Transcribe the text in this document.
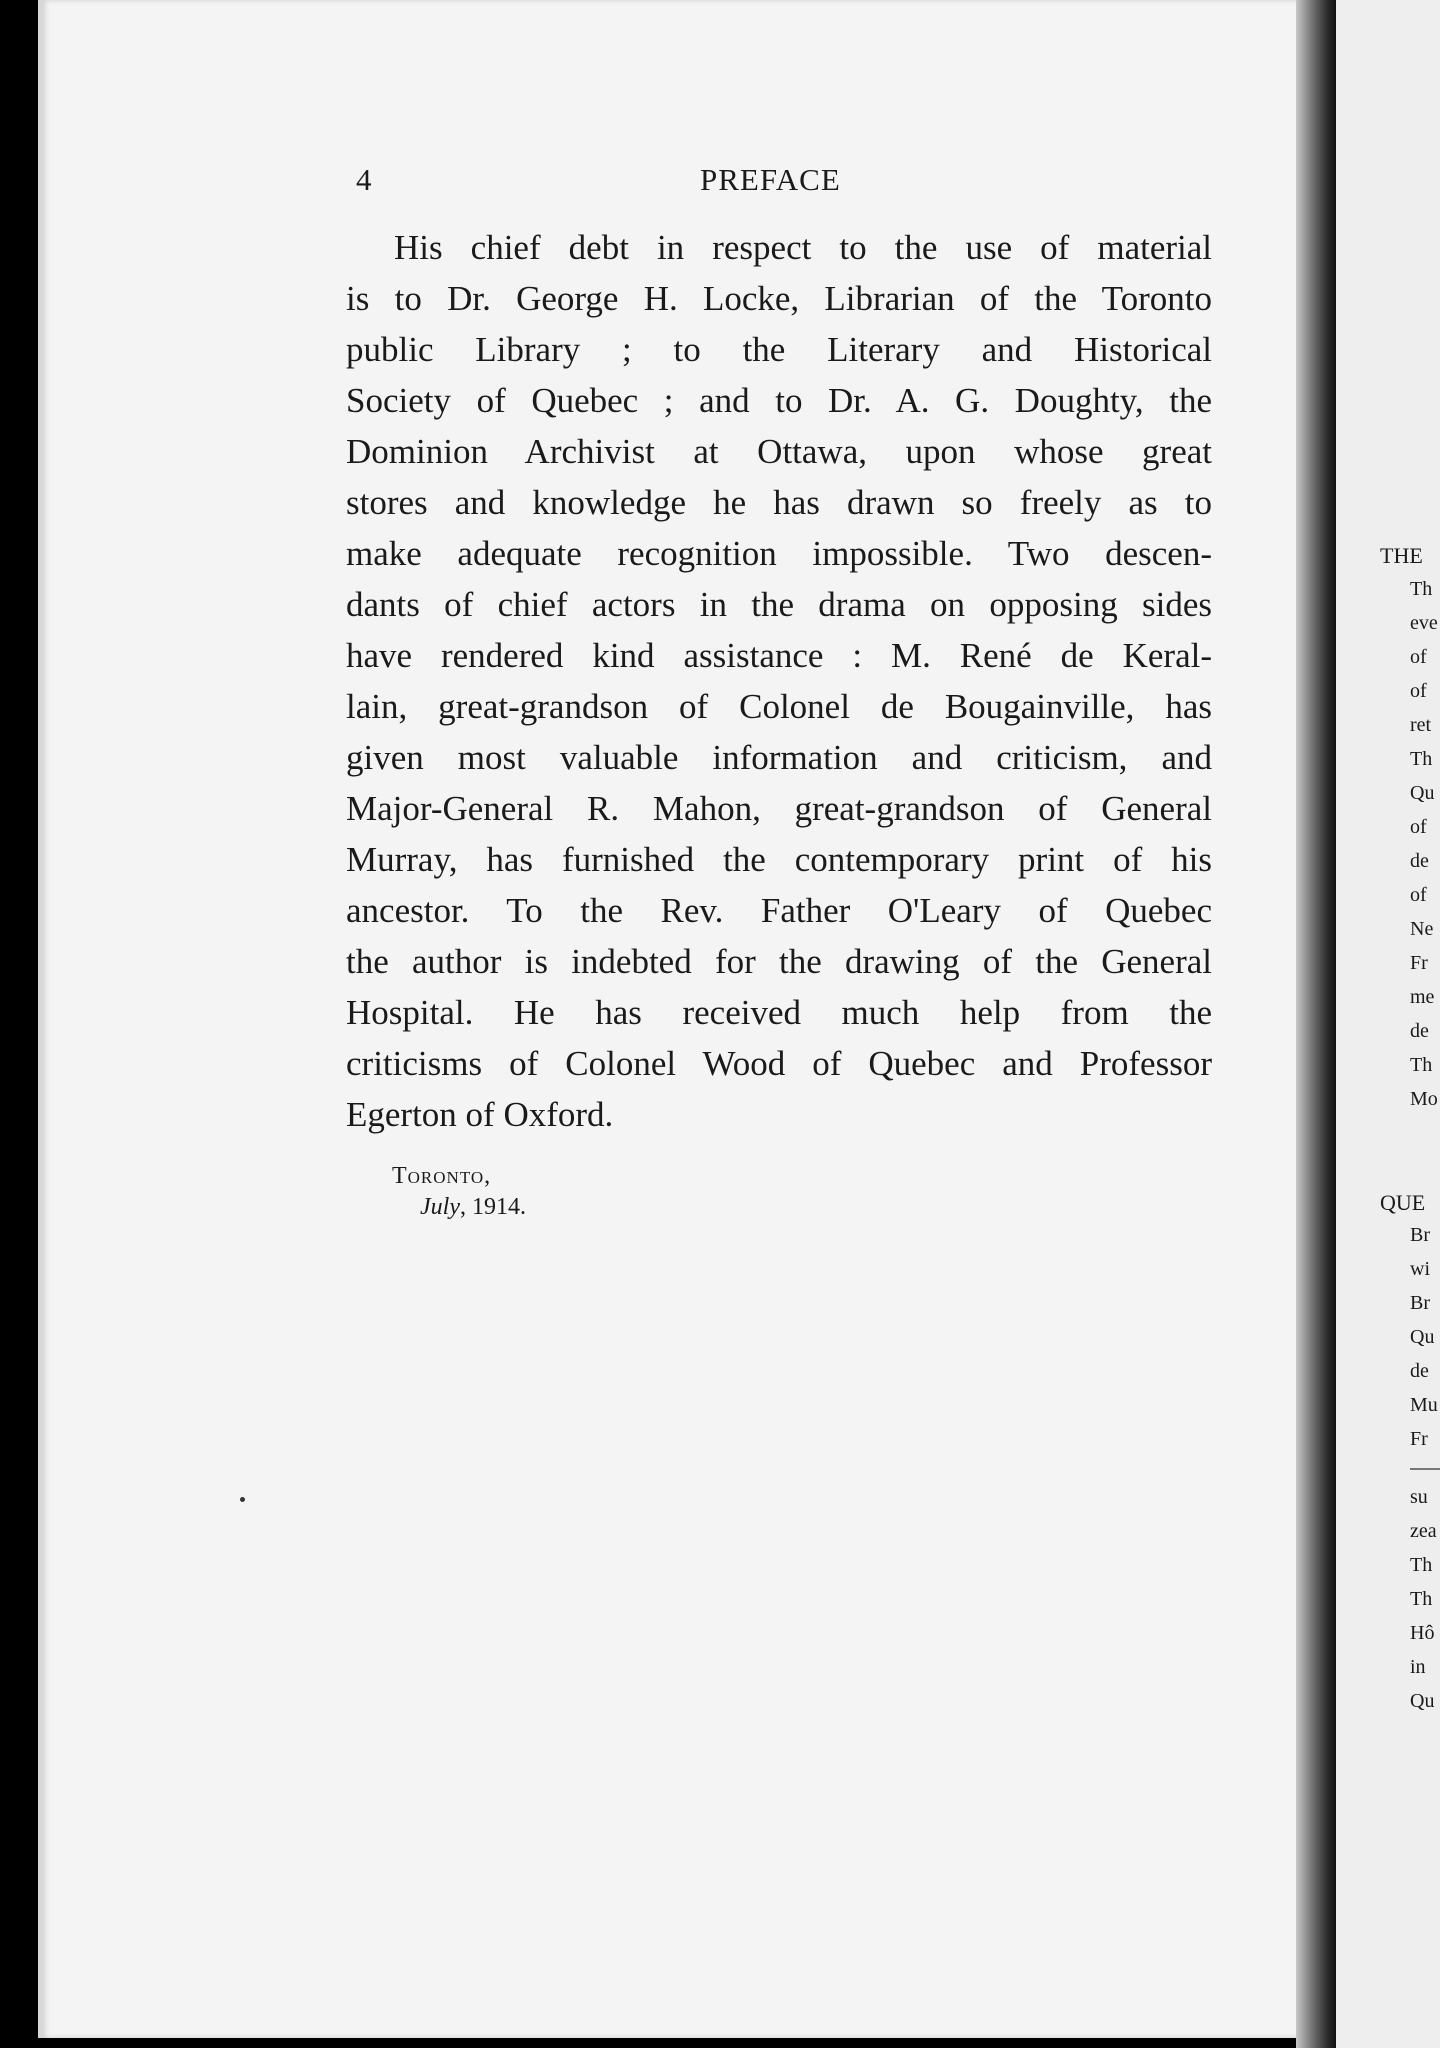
4	PREFACE
His chief debt in respect to the use of material
is to Dr. George H. Locke, Librarian of the Toronto
public Library ; to the Literary and Historical
Society of Quebec ; and to Dr. A. G. Doughty, the
Dominion Archivist at Ottawa, upon whose great
stores and knowledge he has drawn so freely as to
make adequate recognition impossible. Two descen-
dants of chief actors in the drama on opposing sides
have rendered kind assistance : M. René de Keral-
lain, great-grandson of Colonel de Bougainville, has
given most valuable information and criticism, and
Major-General R. Mahon, great-grandson of General
Murray, has furnished the contemporary print of his
ancestor. To the Rev. Father O'Leary of Quebec
the author is indebted for the drawing of the General
Hospital. He has received much help from the
criticisms of Colonel Wood of Quebec and Professor
Egerton of Oxford.
Toronto,
July, 1914.
THE
Th
eve
of
of
ret
Th
Qu
of
de
of
Ne
Fr
me
de
Th
Mo
QUE
Br
wi
Br
Qu
de
Mu
Fr
su
zea
Th
Th
Hô
in
Qu
